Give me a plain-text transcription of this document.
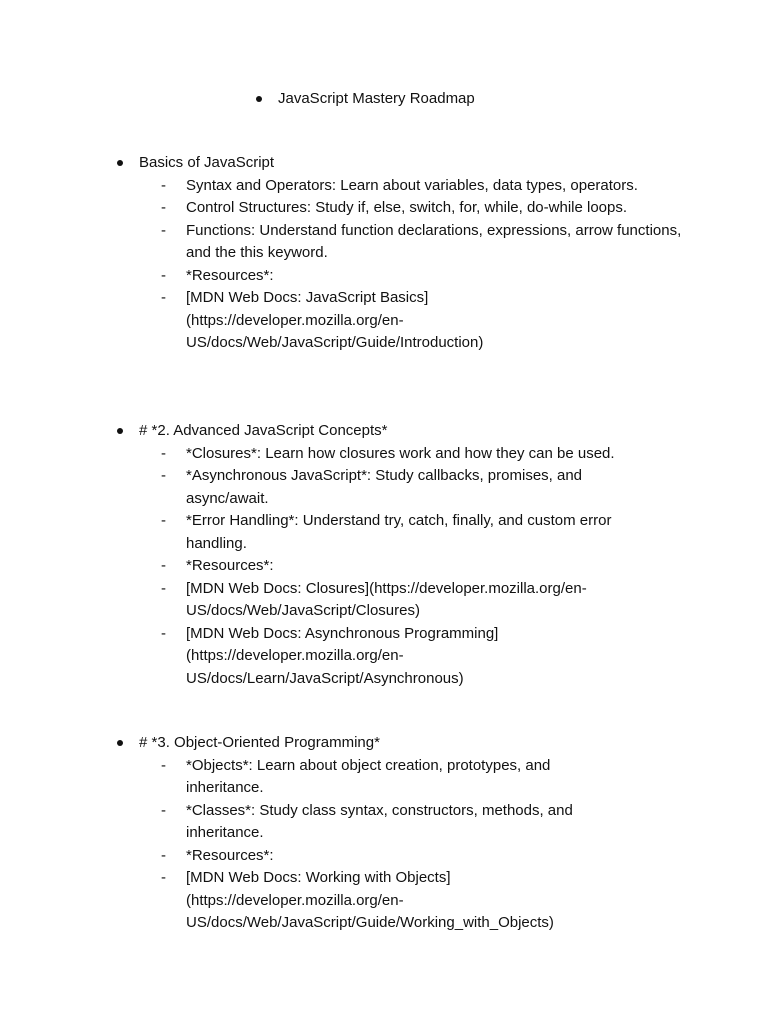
JavaScript Mastery Roadmap
Basics of JavaScript
-	Syntax and Operators: Learn about variables, data types, operators.
-	Control Structures: Study if, else, switch, for, while, do-while loops.
-	Functions: Understand function declarations, expressions, arrow functions,     and the this keyword.
-	*Resources*:
-	[MDN Web Docs: JavaScript Basics](https://developer.mozilla.org/en-US/docs/Web/JavaScript/Guide/Introduction)
# *2. Advanced JavaScript Concepts*
-	*Closures*: Learn how closures work and how they can be used.
-	*Asynchronous JavaScript*: Study callbacks, promises, and async/await.
-	*Error Handling*: Understand try, catch, finally, and custom error handling.
-	*Resources*:
-	[MDN Web Docs: Closures](https://developer.mozilla.org/en-US/docs/Web/JavaScript/Closures)
-	[MDN Web Docs: Asynchronous Programming](https://developer.mozilla.org/en-US/docs/Learn/JavaScript/Asynchronous)
# *3. Object-Oriented Programming*
-	*Objects*: Learn about object creation, prototypes, and inheritance.
-	*Classes*: Study class syntax, constructors, methods, and inheritance.
-	*Resources*:
-	[MDN Web Docs: Working with Objects](https://developer.mozilla.org/en-US/docs/Web/JavaScript/Guide/Working_with_Objects)
